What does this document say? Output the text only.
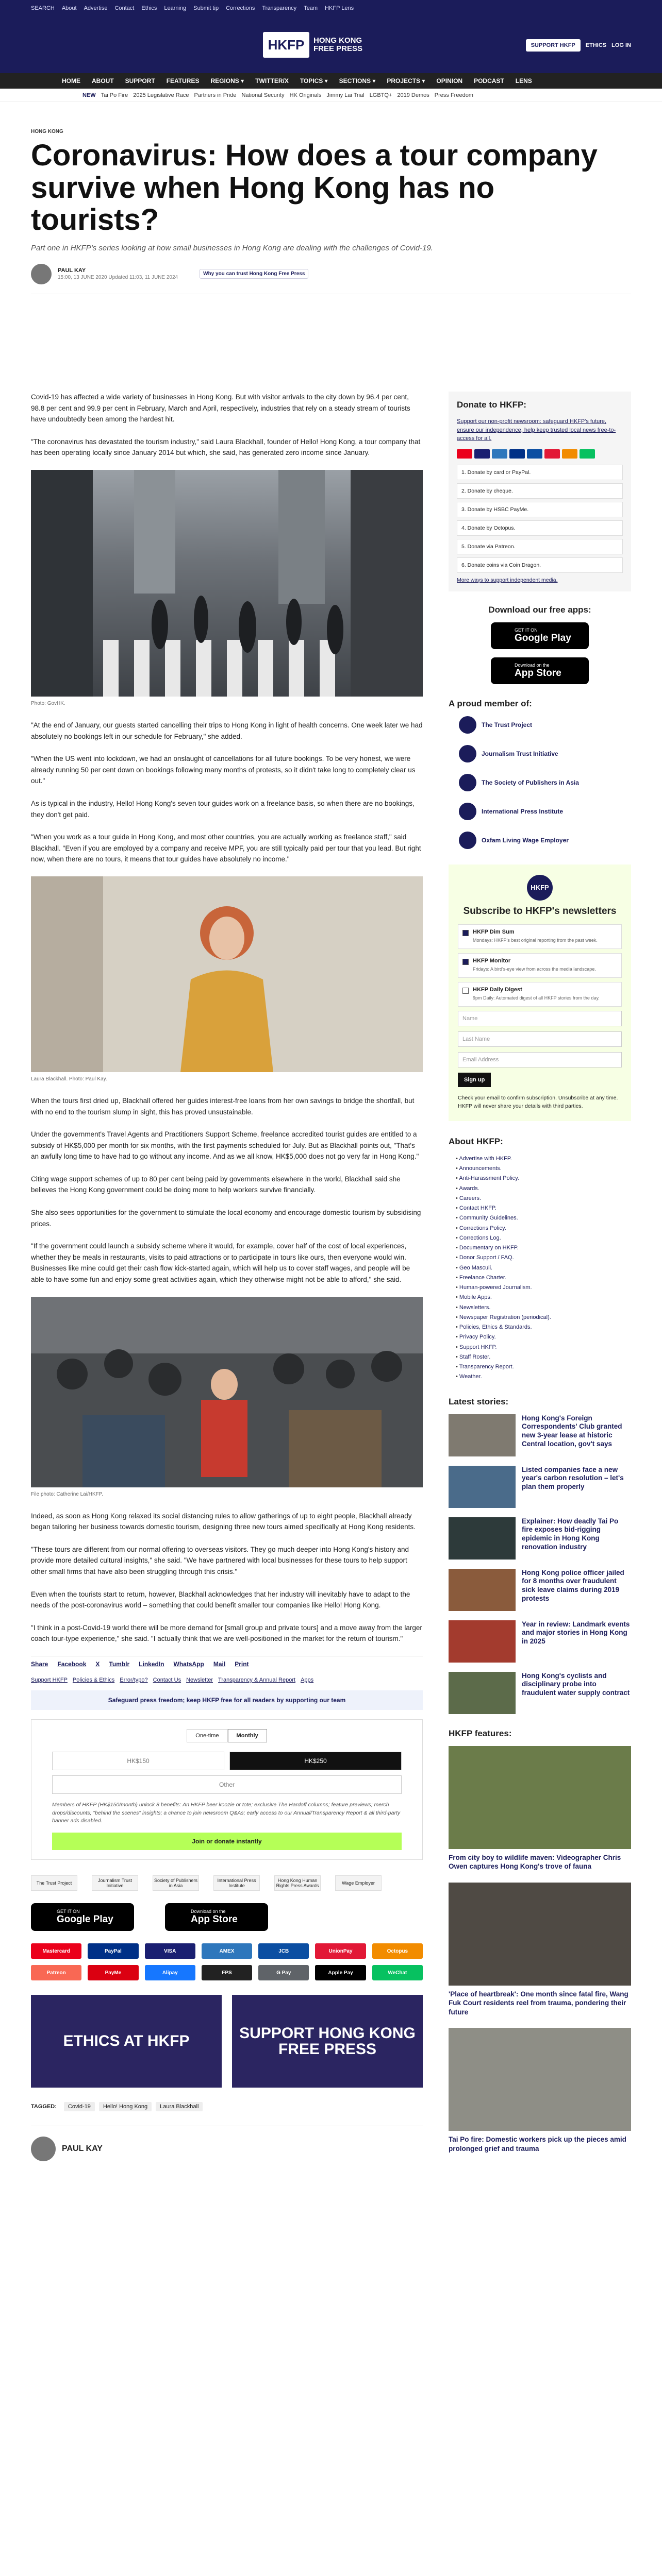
SEARCH About Advertise Contact Ethics Learning Submit tip Corrections Transparency Team HKFP Lens
HKFP	HONG KONG
FREE PRESS	SUPPORT HKFP	ETHICS LOG IN
HOME ABOUT SUPPORT FEATURES REGIONS ▾ TWITTER/X TOPICS ▾ SECTIONS ▾ PROJECTS ▾ OPINION PODCAST LENS
NEW Tai Po Fire 2025 Legislative Race Partners in Pride National Security HK Originals Jimmy Lai Trial LGBTQ+ 2019 Demos Press Freedom
HONG KONG
Coronavirus: How does a tour company survive when Hong Kong has no tourists?
Part one in HKFP's series looking at how small businesses in Hong Kong are dealing with the challenges of Covid-19.
PAUL KAY
15:00, 13 JUNE 2020 Updated 11:03, 11 JUNE 2024
Why you can trust Hong Kong Free Press

Covid-19 has affected a wide variety of businesses in Hong Kong. But with visitor arrivals to the city down by 96.4 per cent, 98.8 per cent and 99.9 per cent in February, March and April, respectively, industries that rely on a steady stream of tourists have undoubtedly been among the hardest hit.

"The coronavirus has devastated the tourism industry," said Laura Blackhall, founder of Hello! Hong Kong, a tour company that has been operating locally since January 2014 but which, she said, has generated zero income since January.

Photo: GovHK.

"At the end of January, our guests started cancelling their trips to Hong Kong in light of health concerns. One week later we had absolutely no bookings left in our schedule for February," she added.

"When the US went into lockdown, we had an onslaught of cancellations for all future bookings. To be very honest, we were already running 50 per cent down on bookings following many months of protests, so it didn't take long to completely clear us out."

As is typical in the industry, Hello! Hong Kong's seven tour guides work on a freelance basis, so when there are no bookings, they don't get paid.

"When you work as a tour guide in Hong Kong, and most other countries, you are actually working as freelance staff," said Blackhall. "Even if you are employed by a company and receive MPF, you are still typically paid per tour that you lead. But right now, when there are no tours, it means that tour guides have absolutely no income."

Laura Blackhall. Photo: Paul Kay.

When the tours first dried up, Blackhall offered her guides interest-free loans from her own savings to bridge the shortfall, but with no end to the tourism slump in sight, this has proved unsustainable.

Under the government's Travel Agents and Practitioners Support Scheme, freelance accredited tourist guides are entitled to a subsidy of HK$5,000 per month for six months, with the first payments scheduled for July. But as Blackhall points out, "That's an awfully long time to have had to go without any income. And as we all know, HK$5,000 does not go very far in Hong Kong."

Citing wage support schemes of up to 80 per cent being paid by governments elsewhere in the world, Blackhall said she believes the Hong Kong government could be doing more to help workers survive financially.

She also sees opportunities for the government to stimulate the local economy and encourage domestic tourism by subsidising prices.

"If the government could launch a subsidy scheme where it would, for example, cover half of the cost of local experiences, whether they be meals in restaurants, visits to paid attractions or to participate in tours like ours, then everyone would win. Businesses like mine could get their cash flow kick-started again, which will help us to cover staff wages, and people will be able to have some fun and enjoy some great activities again, which they otherwise might not be able to afford," she said.

File photo: Catherine Lai/HKFP.

Indeed, as soon as Hong Kong relaxed its social distancing rules to allow gatherings of up to eight people, Blackhall already began tailoring her business towards domestic tourism, designing three new tours aimed specifically at Hong Kong residents.

"These tours are different from our normal offering to overseas visitors. They go much deeper into Hong Kong's history and provide more detailed cultural insights," she said. "We have partnered with local businesses for these tours to help support other small firms that have also been struggling through this crisis."

Even when the tourists start to return, however, Blackhall acknowledges that her industry will inevitably have to adapt to the needs of the post-coronavirus world – something that could benefit smaller tour companies like Hello! Hong Kong.

"I think in a post-Covid-19 world there will be more demand for [small group and private tours] and a move away from the larger coach tour-type experience," she said. "I actually think that we are well-positioned in the market for the return of tourism."

Share Facebook X Tumblr LinkedIn WhatsApp Mail Print
Support HKFP Policies & Ethics Error/typo? Contact Us Newsletter Transparency & Annual Report Apps
Safeguard press freedom; keep HKFP free for all readers by supporting our team
One-time	Monthly
HK$150	HK$250
Other
Members of HKFP (HK$150/month) unlock 8 benefits: An HKFP beer koozie or tote; exclusive The Hardoff columns; feature previews; merch drops/discounts; "behind the scenes" insights; a chance to join newsroom Q&As; early access to our Annual/Transparency Report & all third-party banner ads disabled.
Join or donate instantly
The Trust Project	Journalism Trust Initiative
Society of Publishers in Asia
International Press Institute
Hong Kong Human Rights Press Awards	Wage Employer
GET IT ON
Google Play
Download on the
App Store
Mastercard	PayPal	VISA	AMEX	JCB	UnionPay	Octopus
Patreon	PayMe	Alipay	FPS	G Pay	Apple Pay	WeChat
ETHICS AT HKFP	SUPPORT HONG KONG FREE PRESS
TAGGED:	Covid-19	Hello! Hong Kong	Laura Blackhall
PAUL KAY
Donate to HKFP:

Support our non-profit newsroom: safeguard HKFP's future, ensure our independence, help keep trusted local news free-to-access for all.

1. Donate by card or PayPal.
2. Donate by cheque.
3. Donate by HSBC PayMe.
4. Donate by Octopus.
5. Donate via Patreon.
6. Donate coins via Coin Dragon.
More ways to support independent media.
Download our free apps:
GET IT ON
Google Play
Download on the
App Store
A proud member of:
The Trust Project
Journalism Trust Initiative
The Society of Publishers in Asia
International Press Institute
Oxfam Living Wage Employer
HKFP
Subscribe to HKFP's newsletters
HKFP Dim Sum
Mondays: HKFP's best original reporting from the past week.
HKFP Monitor
Fridays: A bird's-eye view from across the media landscape.
HKFP Daily Digest
9pm Daily: Automated digest of all HKFP stories from the day.
Name
Last Name
Email Address
Sign up
Check your email to confirm subscription. Unsubscribe at any time. HKFP will never share your details with third parties.
About HKFP:
• Advertise with HKFP.
• Announcements.
• Anti-Harassment Policy.
• Awards.
• Careers.
• Contact HKFP.
• Community Guidelines.
• Corrections Policy.
• Corrections Log.
• Documentary on HKFP.
• Donor Support / FAQ.
• Geo Masculi.
• Freelance Charter.
• Human-powered Journalism.
• Mobile Apps.
• Newsletters.
• Newspaper Registration (periodical).
• Policies, Ethics & Standards.
• Privacy Policy.
• Support HKFP.
• Staff Roster.
• Transparency Report.
• Weather.
Latest stories:
Hong Kong's Foreign Correspondents' Club granted new 3-year lease at historic Central location, gov't says
Listed companies face a new year's carbon resolution – let's plan them properly
Explainer: How deadly Tai Po fire exposes bid-rigging epidemic in Hong Kong renovation industry
Hong Kong police officer jailed for 8 months over fraudulent sick leave claims during 2019 protests
Year in review: Landmark events and major stories in Hong Kong in 2025
Hong Kong's cyclists and disciplinary probe into fraudulent water supply contract
HKFP features:
From city boy to wildlife maven: Videographer Chris Owen captures Hong Kong's trove of fauna
'Place of heartbreak': One month since fatal fire, Wang Fuk Court residents reel from trauma, pondering their future
Tai Po fire: Domestic workers pick up the pieces amid prolonged grief and trauma
